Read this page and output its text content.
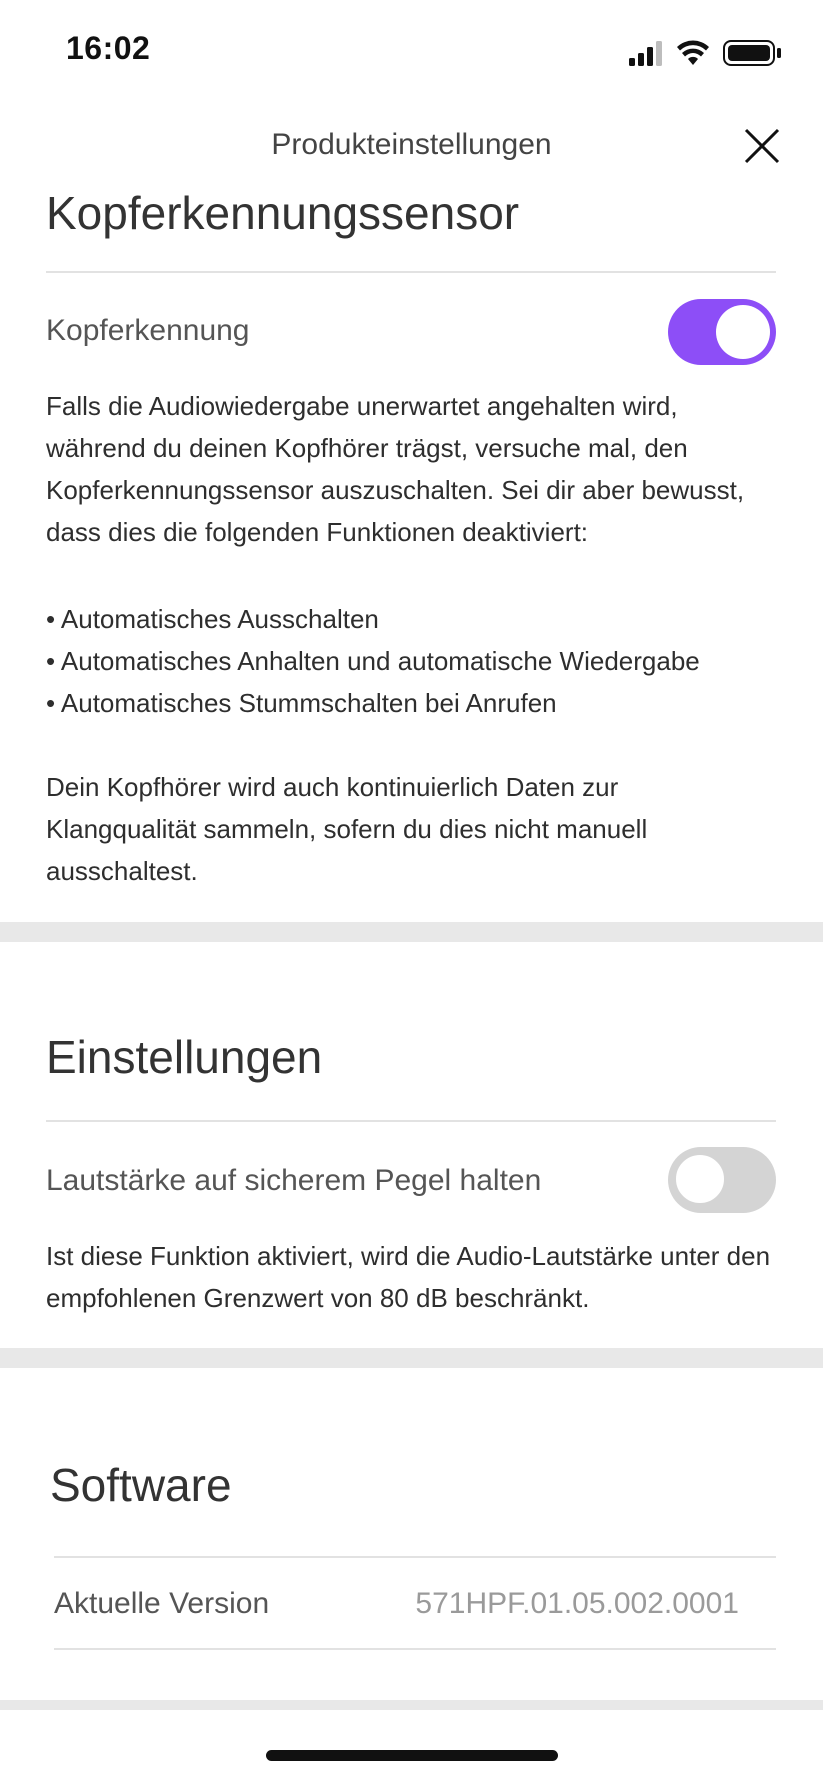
16:02
Produkteinstellungen
Kopferkennungssensor
Kopferkennung

Falls die Audiowiedergabe unerwartet angehalten wird, während du deinen Kopfhörer trägst, versuche mal, den Kopferkennungssensor auszuschalten. Sei dir aber bewusst, dass dies die folgenden Funktionen deaktiviert:

• Automatisches Ausschalten
• Automatisches Anhalten und automatische Wiedergabe
• Automatisches Stummschalten bei Anrufen

Dein Kopfhörer wird auch kontinuierlich Daten zur Klangqualität sammeln, sofern du dies nicht manuell ausschaltest.

Einstellungen
Lautstärke auf sicherem Pegel halten

Ist diese Funktion aktiviert, wird die Audio-Lautstärke unter den empfohlenen Grenzwert von 80 dB beschränkt.

Software
Aktuelle Version	571HPF.01.05.002.0001
